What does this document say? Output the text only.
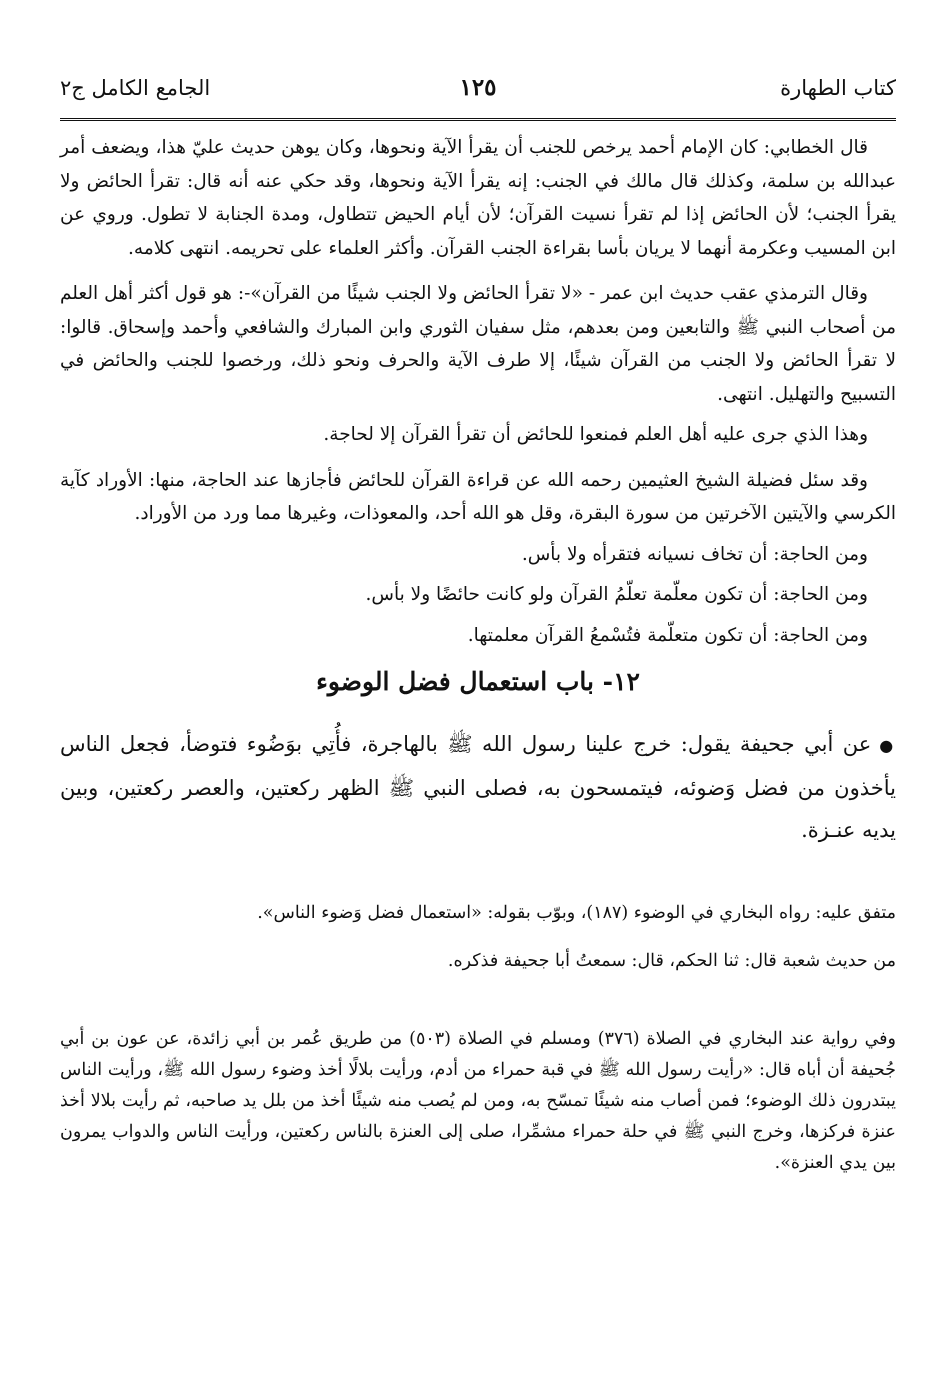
كتاب الطهارة
١٢٥
الجامع الكامل ج٢

قال الخطابي: كان الإمام أحمد يرخص للجنب أن يقرأ الآية ونحوها، وكان يوهن حديث عليّ هذا، ويضعف أمر عبدالله بن سلمة، وكذلك قال مالك في الجنب: إنه يقرأ الآية ونحوها، وقد حكي عنه أنه قال: تقرأ الحائض ولا يقرأ الجنب؛ لأن الحائض إذا لم تقرأ نسيت القرآن؛ لأن أيام الحيض تتطاول، ومدة الجنابة لا تطول. وروي عن ابن المسيب وعكرمة أنهما لا يريان بأسا بقراءة الجنب القرآن. وأكثر العلماء على تحريمه. انتهى كلامه.

وقال الترمذي عقب حديث ابن عمر - «لا تقرأ الحائض ولا الجنب شيئًا من القرآن»-: هو قول أكثر أهل العلم من أصحاب النبي ﷺ والتابعين ومن بعدهم، مثل سفيان الثوري وابن المبارك والشافعي وأحمد وإسحاق. قالوا: لا تقرأ الحائض ولا الجنب من القرآن شيئًا، إلا طرف الآية والحرف ونحو ذلك، ورخصوا للجنب والحائض في التسبيح والتهليل. انتهى.

وهذا الذي جرى عليه أهل العلم فمنعوا للحائض أن تقرأ القرآن إلا لحاجة.

وقد سئل فضيلة الشيخ العثيمين رحمه الله عن قراءة القرآن للحائض فأجازها عند الحاجة، منها: الأوراد كآية الكرسي والآيتين الآخرتين من سورة البقرة، وقل هو الله أحد، والمعوذات، وغيرها مما ورد من الأوراد.

ومن الحاجة: أن تخاف نسيانه فتقرأه ولا بأس.

ومن الحاجة: أن تكون معلّمة تعلّمُ القرآن ولو كانت حائضًا ولا بأس.

ومن الحاجة: أن تكون متعلّمة فتُسْمعُ القرآن معلمتها.

١٢- باب استعمال فضل الوضوء

●عن أبي جحيفة يقول: خرج علينا رسول الله ﷺ بالهاجرة، فأُتِي بوَضُوء فتوضأ، فجعل الناس يأخذون من فضل وَضوئه، فيتمسحون به، فصلى النبي ﷺ الظهر ركعتين، والعصر ركعتين، وبين يديه عنـزة.

متفق عليه: رواه البخاري في الوضوء (١٨٧)، وبوّب بقوله: «استعمال فضل وَضوء الناس».

من حديث شعبة قال: ثنا الحكم، قال: سمعتُ أبا جحيفة فذكره.

وفي رواية عند البخاري في الصلاة (٣٧٦) ومسلم في الصلاة (٥٠٣) من طريق عُمر بن أبي زائدة، عن عون بن أبي جُحيفة أن أباه قال: «رأيت رسول الله ﷺ في قبة حمراء من أدم، ورأيت بلالًا أخذ وضوء رسول الله ﷺ، ورأيت الناس يبتدرون ذلك الوضوء؛ فمن أصاب منه شيئًا تمسّح به، ومن لم يُصب منه شيئًا أخذ من بلل يد صاحبه، ثم رأيت بلالا أخذ عنزة فركزها، وخرج النبي ﷺ في حلة حمراء مشمِّرا، صلى إلى العنزة بالناس ركعتين، ورأيت الناس والدواب يمرون بين يدي العنزة».
